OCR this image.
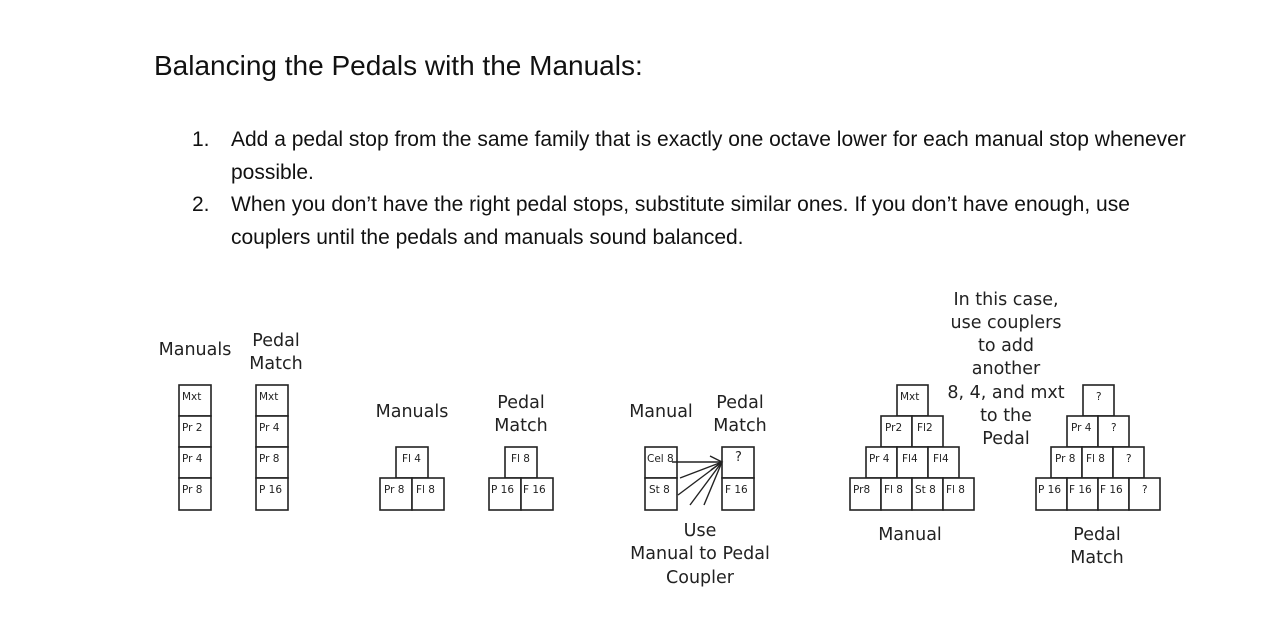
Balancing the Pedals with the Manuals:
1. Add a pedal stop from the same family that is exactly one octave lower for each manual stop whenever possible.
2. When you don’t have the right pedal stops, substitute similar ones. If you don’t have enough, use couplers until the pedals and manuals sound balanced.
Manuals Pedal
Match
Mxt
Pr 2
Pr 4
Pr 8
Mxt
Pr 4
Pr 8
P 16
Manuals	Pedal
Match
Fl 4
Pr 8 Fl 8
Fl 8
P 16 F 16
Manual Pedal
Match
Cel 8
St 8
?
F 16
Use
Manual to Pedal
Coupler
In this case,
use couplers
to add
another
8, 4, and mxt
to the
Pedal
Mxt
Pr2 Fl2
Pr 4 Fl4 Fl4
Pr8 Fl 8 St 8 Fl 8
Manual
?
Pr 4 ?
Pr 8 Fl 8 ?
P 16 F 16 F 16 ?
Pedal
Match
